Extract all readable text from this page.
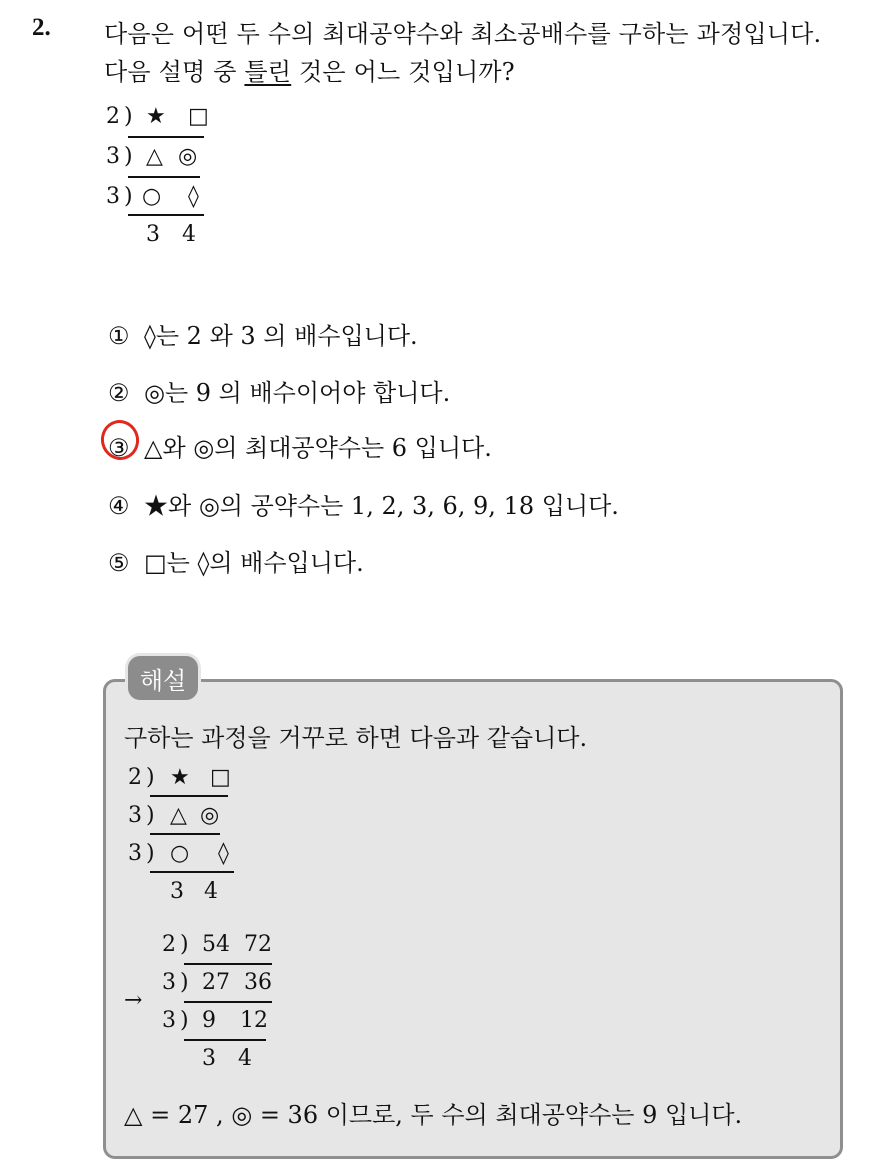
2. 다음은 어떤 두 수의 최대공약수와 최소공배수를 구하는 과정입니다.
다음 설명 중 틀린 것은 어느 것입니까?
2 ) ★ □
3 ) △ ◎
3 ) ○ ◊
3 4
① ◊는 2 와 3 의 배수입니다.
② ◎는 9 의 배수이어야 합니다.
③ △와 ◎의 최대공약수는 6 입니다.
④ ★와 ◎의 공약수는 1, 2, 3, 6, 9, 18 입니다.
⑤ □는 ◊의 배수입니다.
해설
구하는 과정을 거꾸로 하면 다음과 같습니다.
2 ) ★ □
3 ) △ ◎
3 ) ○ ◊
3 4
→
2 ) 54 72
3 ) 27 36
3 ) 9 12
3 4
△ = 27 , ◎ = 36 이므로, 두 수의 최대공약수는 9 입니다.
